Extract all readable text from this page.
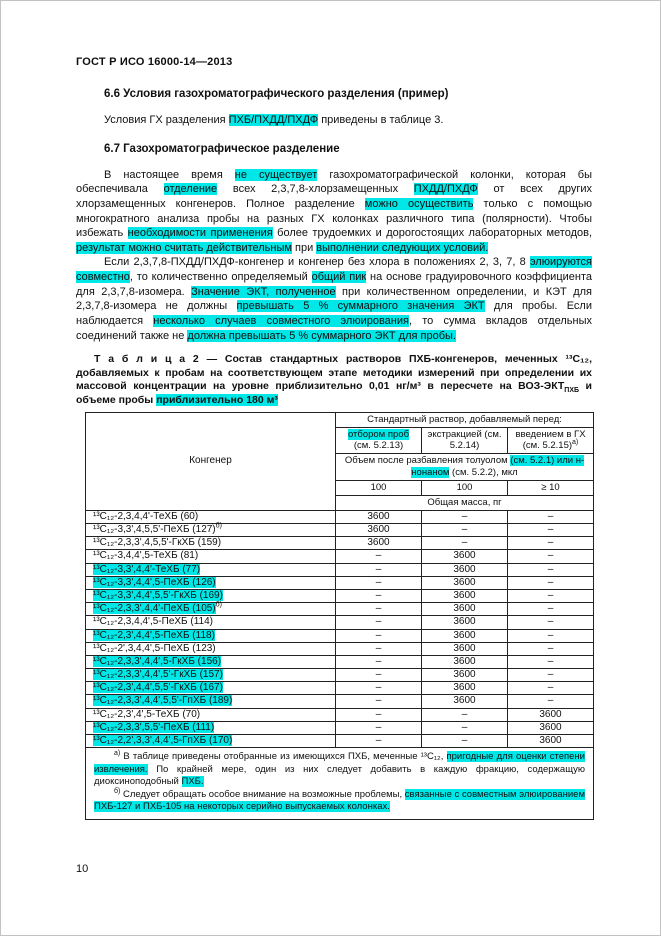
ГОСТ Р ИСО 16000-14—2013
6.6 Условия газохроматографического разделения (пример)

Условия ГХ разделения ПХБ/ПХДД/ПХДФ приведены в таблице 3.

6.7 Газохроматографическое разделение

В настоящее время не существует газохроматографической колонки, которая бы обеспечивала отделение всех 2,3,7,8-хлорзамещенных ПХДД/ПХДФ от всех других хлорзамещенных конгенеров. Полное разделение можно осуществить только с помощью многократного анализа пробы на разных ГХ колонках различного типа (полярности). Чтобы избежать необходимости применения более трудоемких и дорогостоящих лабораторных методов, результат можно считать действительным при выполнении следующих условий.

Если 2,3,7,8-ПХДД/ПХДФ-конгенер и конгенер без хлора в положениях 2, 3, 7, 8 элюируются совместно, то количественно определяемый общий пик на основе градуировочного коэффициента для 2,3,7,8-изомера. Значение ЭКТ, полученное при количественном определении, и КЭТ для 2,3,7,8-изомера не должны превышать 5 % суммарного значения ЭКТ для пробы. Если наблюдается несколько случаев совместного элюирования, то сумма вкладов отдельных соединений также не должна превышать 5 % суммарного ЭКТ для пробы.

Т а б л и ц а 2 — Состав стандартных растворов ПХБ-конгенеров, меченных ¹³C₁₂, добавляемых к пробам на соответствующем этапе методики измерений при определении их массовой концентрации на уровне приблизительно 0,01 нг/м³ в пересчете на ВОЗ-$ЭКТ_{ПХБ}$ и объеме пробы приблизительно 180 м³

Конгенер	Стандартный раствор, добавляемый перед:		
	отбором проб (см. 5.2.13)	экстракцией (см. 5.2.14)	введением в ГХ (см. 5.2.15)$^{а)}$
	Объем после разбавления толуолом (см. 5.2.1) или н-нонаном (см. 5.2.2), мкл		
	100	100	≥ 10
	Общая масса, пг		
¹³C₁₂-2,3,4,4'-ТеХБ (60)	3600	–	–
¹³C₁₂-3,3',4,5,5'-ПеХБ $(127)^{б)}$	3600	–	–
¹³C₁₂-2,3,3',4,5,5'-ГкХБ (159)	3600	–	–
¹³C₁₂-3,4,4',5-ТеХБ (81)	–	3600	–
¹³C₁₂-3,3',4,4'-ТеХБ (77)	–	3600	–
¹³C₁₂-3,3',4,4',5-ПеХБ (126)	–	3600	–
¹³C₁₂-3,3',4,4',5,5'-ГкХБ (169)	–	3600	–
¹³C₁₂-2,3,3',4,4'-ПеХБ $(105)^{б)}$	–	3600	–
¹³C₁₂-2,3,4,4',5-ПеХБ (114)	–	3600	–
¹³C₁₂-2,3',4,4',5-ПеХБ (118)	–	3600	–
¹³C₁₂-2',3,4,4',5-ПеХБ (123)	–	3600	–
¹³C₁₂-2,3,3',4,4',5-ГкХБ (156)	–	3600	–
¹³C₁₂-2,3,3',4,4',5'-ГкХБ (157)	–	3600	–
¹³C₁₂-2,3',4,4',5,5'-ГкХБ (167)	–	3600	–
¹³C₁₂-2,3,3',4,4',5,5'-ГпХБ (189)	–	3600	–
¹³C₁₂-2,3',4',5-ТеХБ (70)	–	–	3600
¹³C₁₂-2,3,3',5,5'-ПеХБ (111)	–	–	3600
¹³C₁₂-2,2',3,3',4,4',5-ГпХБ (170)	–	–	3600

$^{а)}$ В таблице приведены отобранные из имеющихся ПХБ, меченные ¹³C₁₂, пригодные для оценки степени извлечения. По крайней мере, один из них следует добавить в каждую фракцию, содержащую диоксиноподобный ПХБ.

$^{б)}$ Следует обращать особое внимание на возможные проблемы, связанные с совместным элюированием ПХБ-127 и ПХБ-105 на некоторых серийно выпускаемых колонках.			

10
